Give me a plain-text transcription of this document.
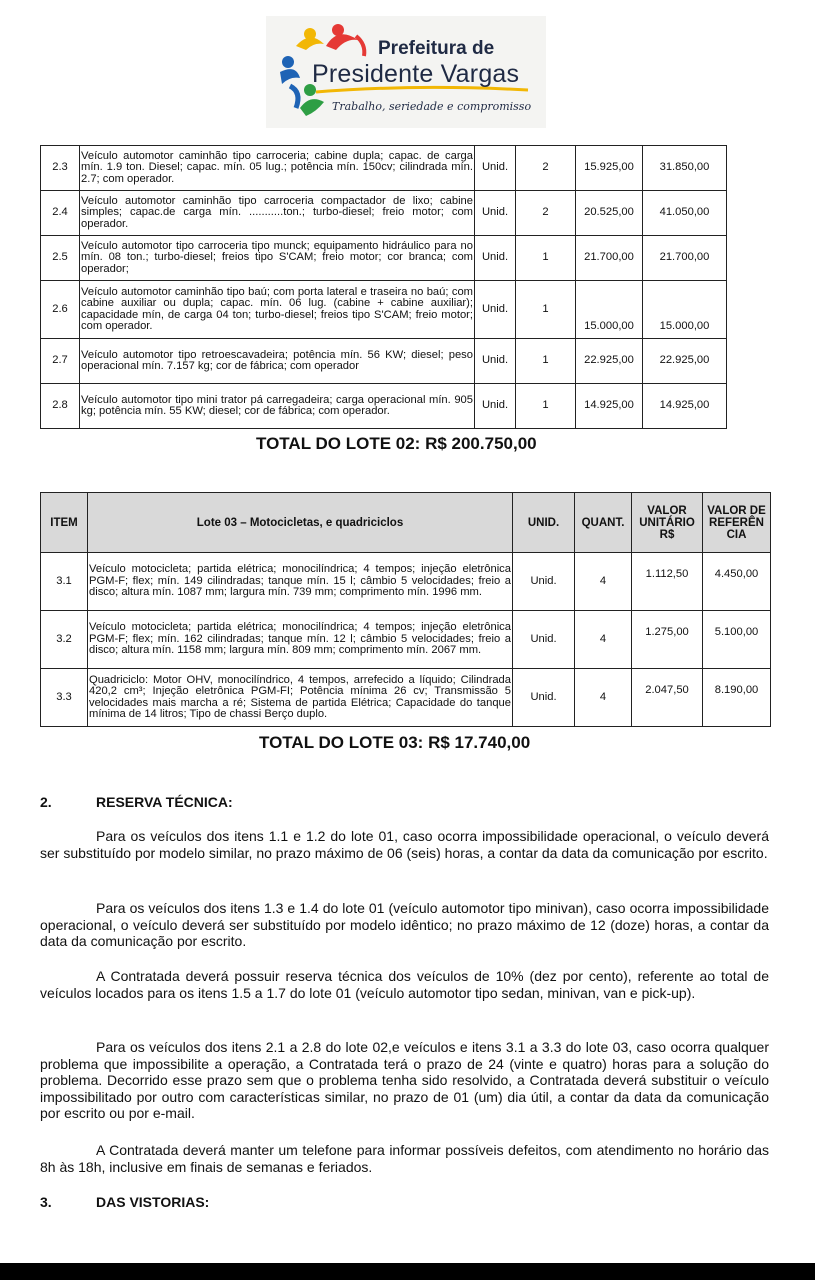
Prefeitura de
Presidente Vargas
Trabalho, seriedade e compromisso
2.3	Veículo automotor caminhão tipo carroceria; cabine dupla; capac. de carga mín. 1.9 ton. Diesel; capac. mín. 05 lug.; potência mín. 150cv; cilindrada mín. 2.7; com operador.	Unid.	2	15.925,00	31.850,00
2.4	Veículo automotor caminhão tipo carroceria compactador de lixo; cabine simples; capac.de carga mín. ...........ton.; turbo-diesel; freio motor; com operador.	Unid.	2	20.525,00	41.050,00
2.5	Veículo automotor tipo carroceria tipo munck; equipamento hidráulico para no mín. 08 ton.; turbo-diesel; freios tipo S'CAM; freio motor; cor branca; com operador;	Unid.	1	21.700,00	21.700,00
2.6	Veículo automotor caminhão tipo baú; com porta lateral e traseira no baú; com cabine auxiliar ou dupla; capac. mín. 06 lug. (cabine + cabine auxiliar); capacidade mín, de carga 04 ton; turbo-diesel; freios tipo S'CAM; freio motor; com operador.	Unid.	1	15.000,00	15.000,00
2.7	Veículo automotor tipo retroescavadeira; potência mín. 56 KW; diesel; peso operacional mín. 7.157 kg; cor de fábrica; com operador	Unid.	1	22.925,00	22.925,00
2.8	Veículo automotor tipo mini trator pá carregadeira; carga operacional mín. 905 kg; potência mín. 55 KW; diesel; cor de fábrica; com operador.	Unid.	1	14.925,00	14.925,00
TOTAL DO LOTE 02: R$ 200.750,00
ITEM	Lote 03 – Motocicletas, e quadriciclos	UNID.	QUANT.	VALOR UNITÁRIO R$	VALOR DE REFERÊN CIA
3.1	Veículo motocicleta; partida elétrica; monocilíndrica; 4 tempos; injeção eletrônica PGM-F; flex; mín. 149 cilindradas; tanque mín. 15 l; câmbio 5 velocidades; freio a disco; altura mín. 1087 mm; largura mín. 739 mm; comprimento mín. 1996 mm.	Unid.	4	1.112,50	4.450,00
3.2	Veículo motocicleta; partida elétrica; monocilíndrica; 4 tempos; injeção eletrônica PGM-F; flex; mín. 162 cilindradas; tanque mín. 12 l; câmbio 5 velocidades; freio a disco; altura mín. 1158 mm; largura mín. 809 mm; comprimento mín. 2067 mm.	Unid.	4	1.275,00	5.100,00
3.3	Quadriciclo: Motor OHV, monocilíndrico, 4 tempos, arrefecido a líquido; Cilindrada 420,2 cm³; Injeção eletrônica PGM-FI; Potência mínima 26 cv; Transmissão 5 velocidades mais marcha a ré; Sistema de partida Elétrica; Capacidade do tanque mínima de 14 litros; Tipo de chassi Berço duplo.	Unid.	4	2.047,50	8.190,00
TOTAL DO LOTE 03: R$ 17.740,00
2.	RESERVA TÉCNICA:
Para os veículos dos itens 1.1 e 1.2 do lote 01, caso ocorra impossibilidade operacional, o veículo deverá ser substituído por modelo similar, no prazo máximo de 06 (seis) horas, a contar da data da comunicação por escrito.
Para os veículos dos itens 1.3 e 1.4 do lote 01 (veículo automotor tipo minivan), caso ocorra impossibilidade operacional, o veículo deverá ser substituído por modelo idêntico; no prazo máximo de 12 (doze) horas, a contar da data da comunicação por escrito.
A Contratada deverá possuir reserva técnica dos veículos de 10% (dez por cento), referente ao total de veículos locados para os itens 1.5 a 1.7 do lote 01 (veículo automotor tipo sedan, minivan, van e pick-up).
Para os veículos dos itens 2.1 a 2.8 do lote 02,e veículos e itens 3.1 a 3.3 do lote 03, caso ocorra qualquer problema que impossibilite a operação, a Contratada terá o prazo de 24 (vinte e quatro) horas para a solução do problema. Decorrido esse prazo sem que o problema tenha sido resolvido, a Contratada deverá substituir o veículo impossibilitado por outro com características similar, no prazo de 01 (um) dia útil, a contar da data da comunicação por escrito ou por e-mail.
A Contratada deverá manter um telefone para informar possíveis defeitos, com atendimento no horário das 8h às 18h, inclusive em finais de semanas e feriados.
3.	DAS VISTORIAS:
